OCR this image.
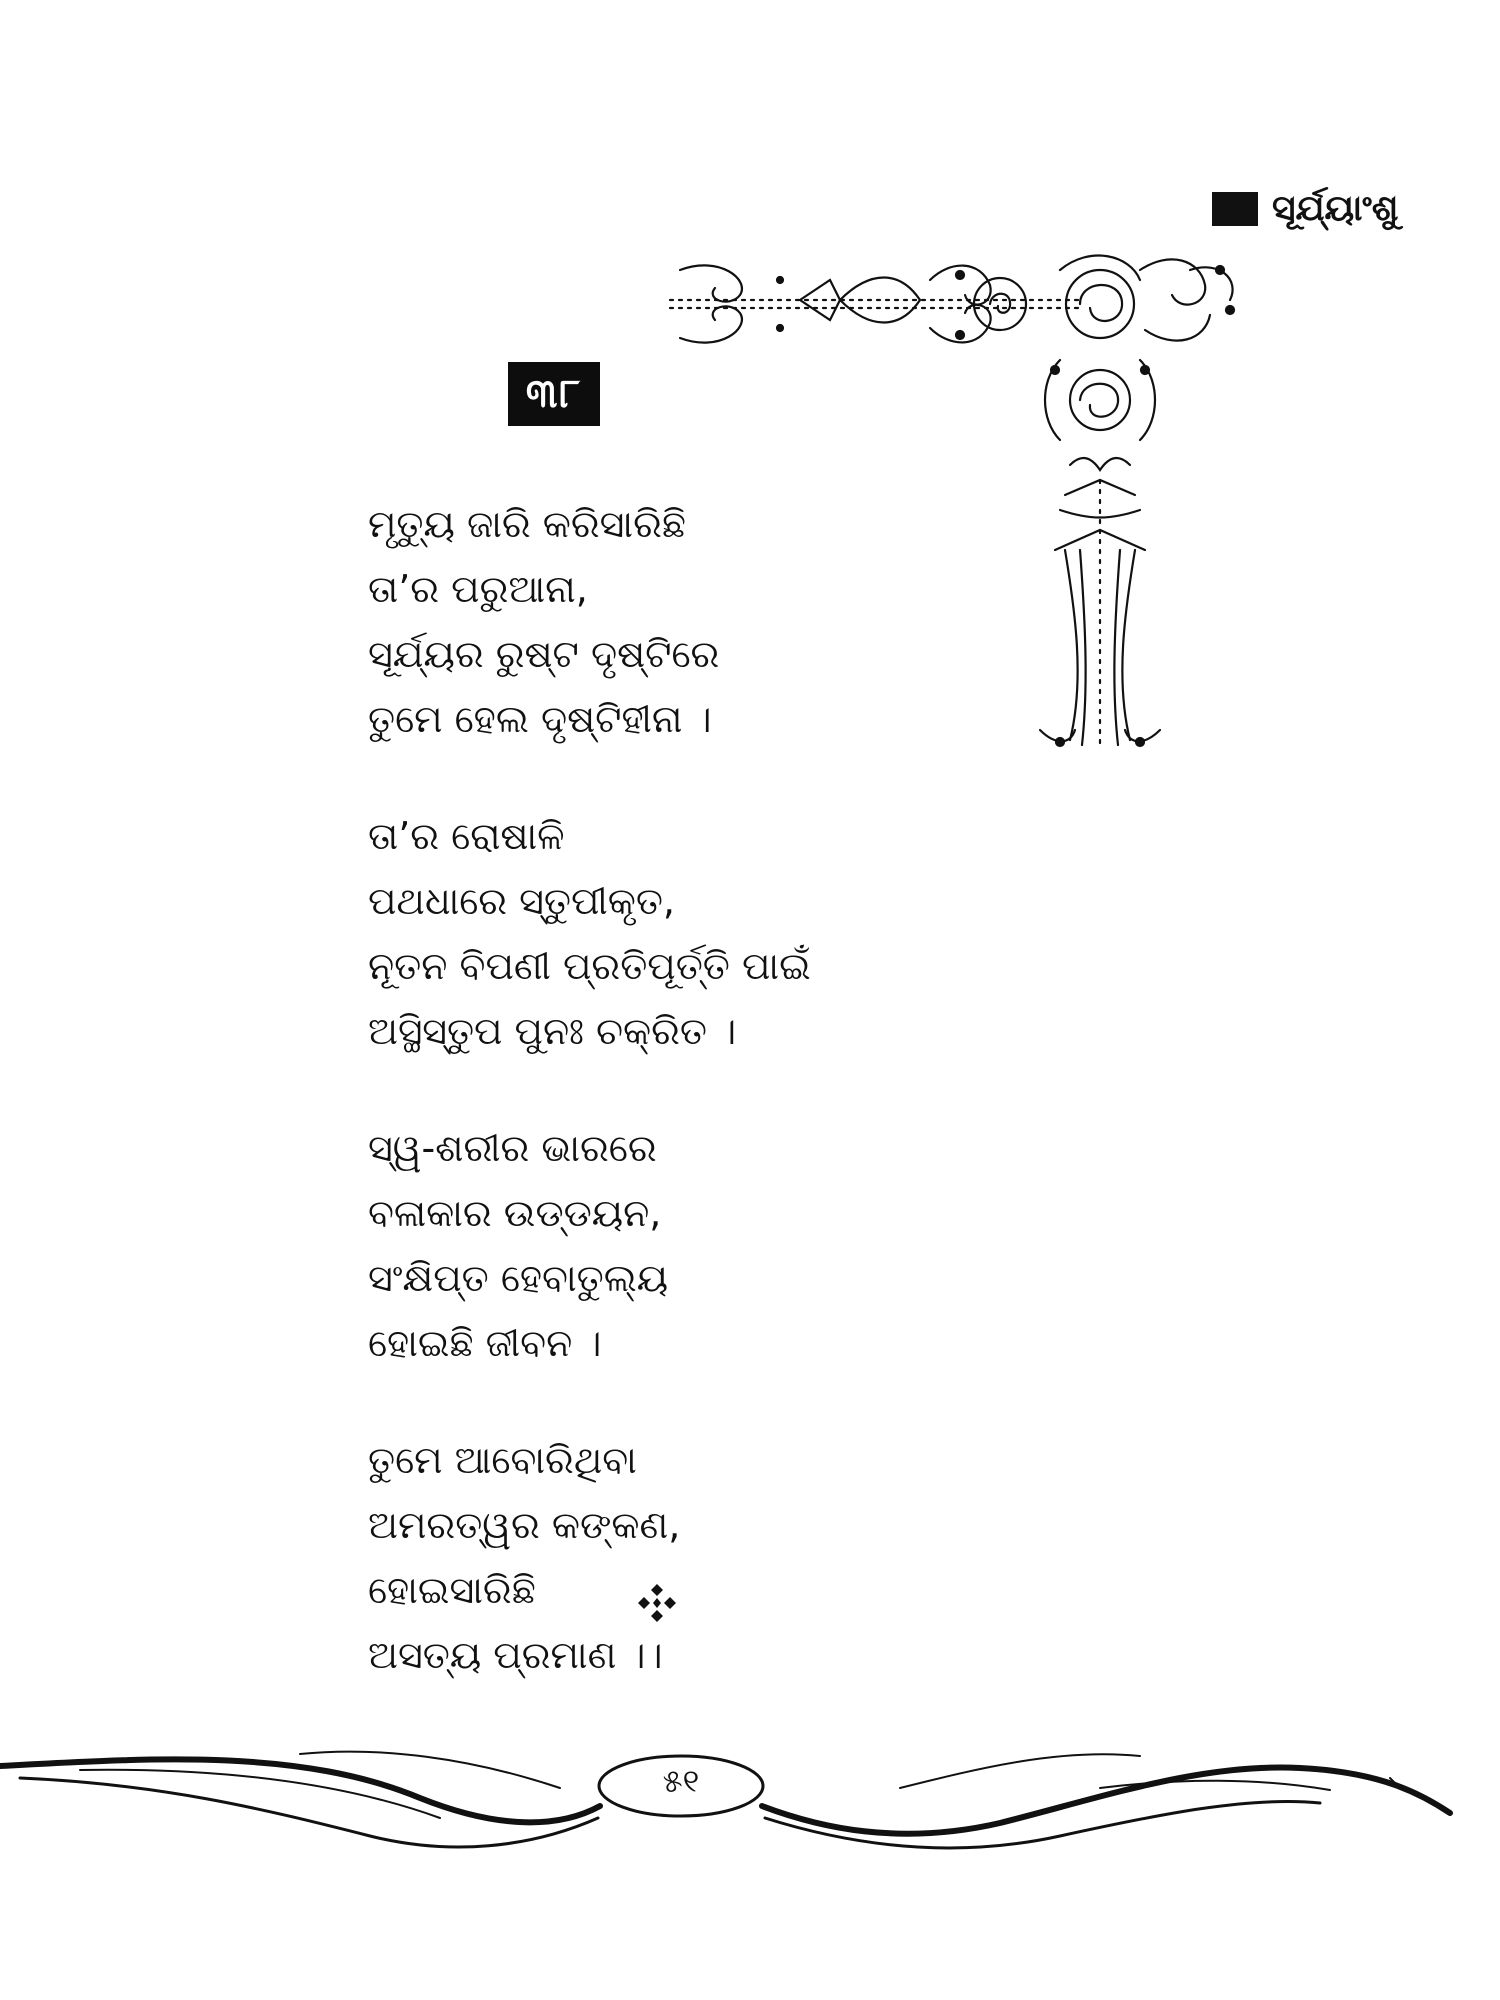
ସୂର୍ଯ୍ୟାଂଶୁ
୩୮
ମୃତ୍ୟୁ ଜାରି କରିସାରିଛି
ତା’ର ପରୁଆନା,
ସୂର୍ଯ୍ୟର ରୁଷ୍ଟ ଦୃଷ୍ଟିରେ
ତୁମେ ହେଲ ଦୃଷ୍ଟିହୀନା ।
ତା’ର ରୋଷାଳି
ପଥଧାରେ ସ୍ତୁପୀକୃତ,
ନୂତନ ବିପଣୀ ପ୍ରତିପୂର୍ତ୍ତି ପାଇଁ
ଅସ୍ଥିସ୍ତୁପ ପୁନଃ ଚକ୍ରିତ ।
ସ୍ୱ-ଶରୀର ଭାରରେ
ବଳାକାର ଉଡ୍ଡୟନ,
ସଂକ୍ଷିପ୍ତ ହେବାତୁଲ୍ୟ
ହୋଇଛି ଜୀବନ ।
ତୁମେ ଆବୋରିଥିବା
ଅମରତ୍ୱର କଙ୍କଣ,
ହୋଇସାରିଛି
ଅସତ୍ୟ ପ୍ରମାଣ ।।
୫୧
